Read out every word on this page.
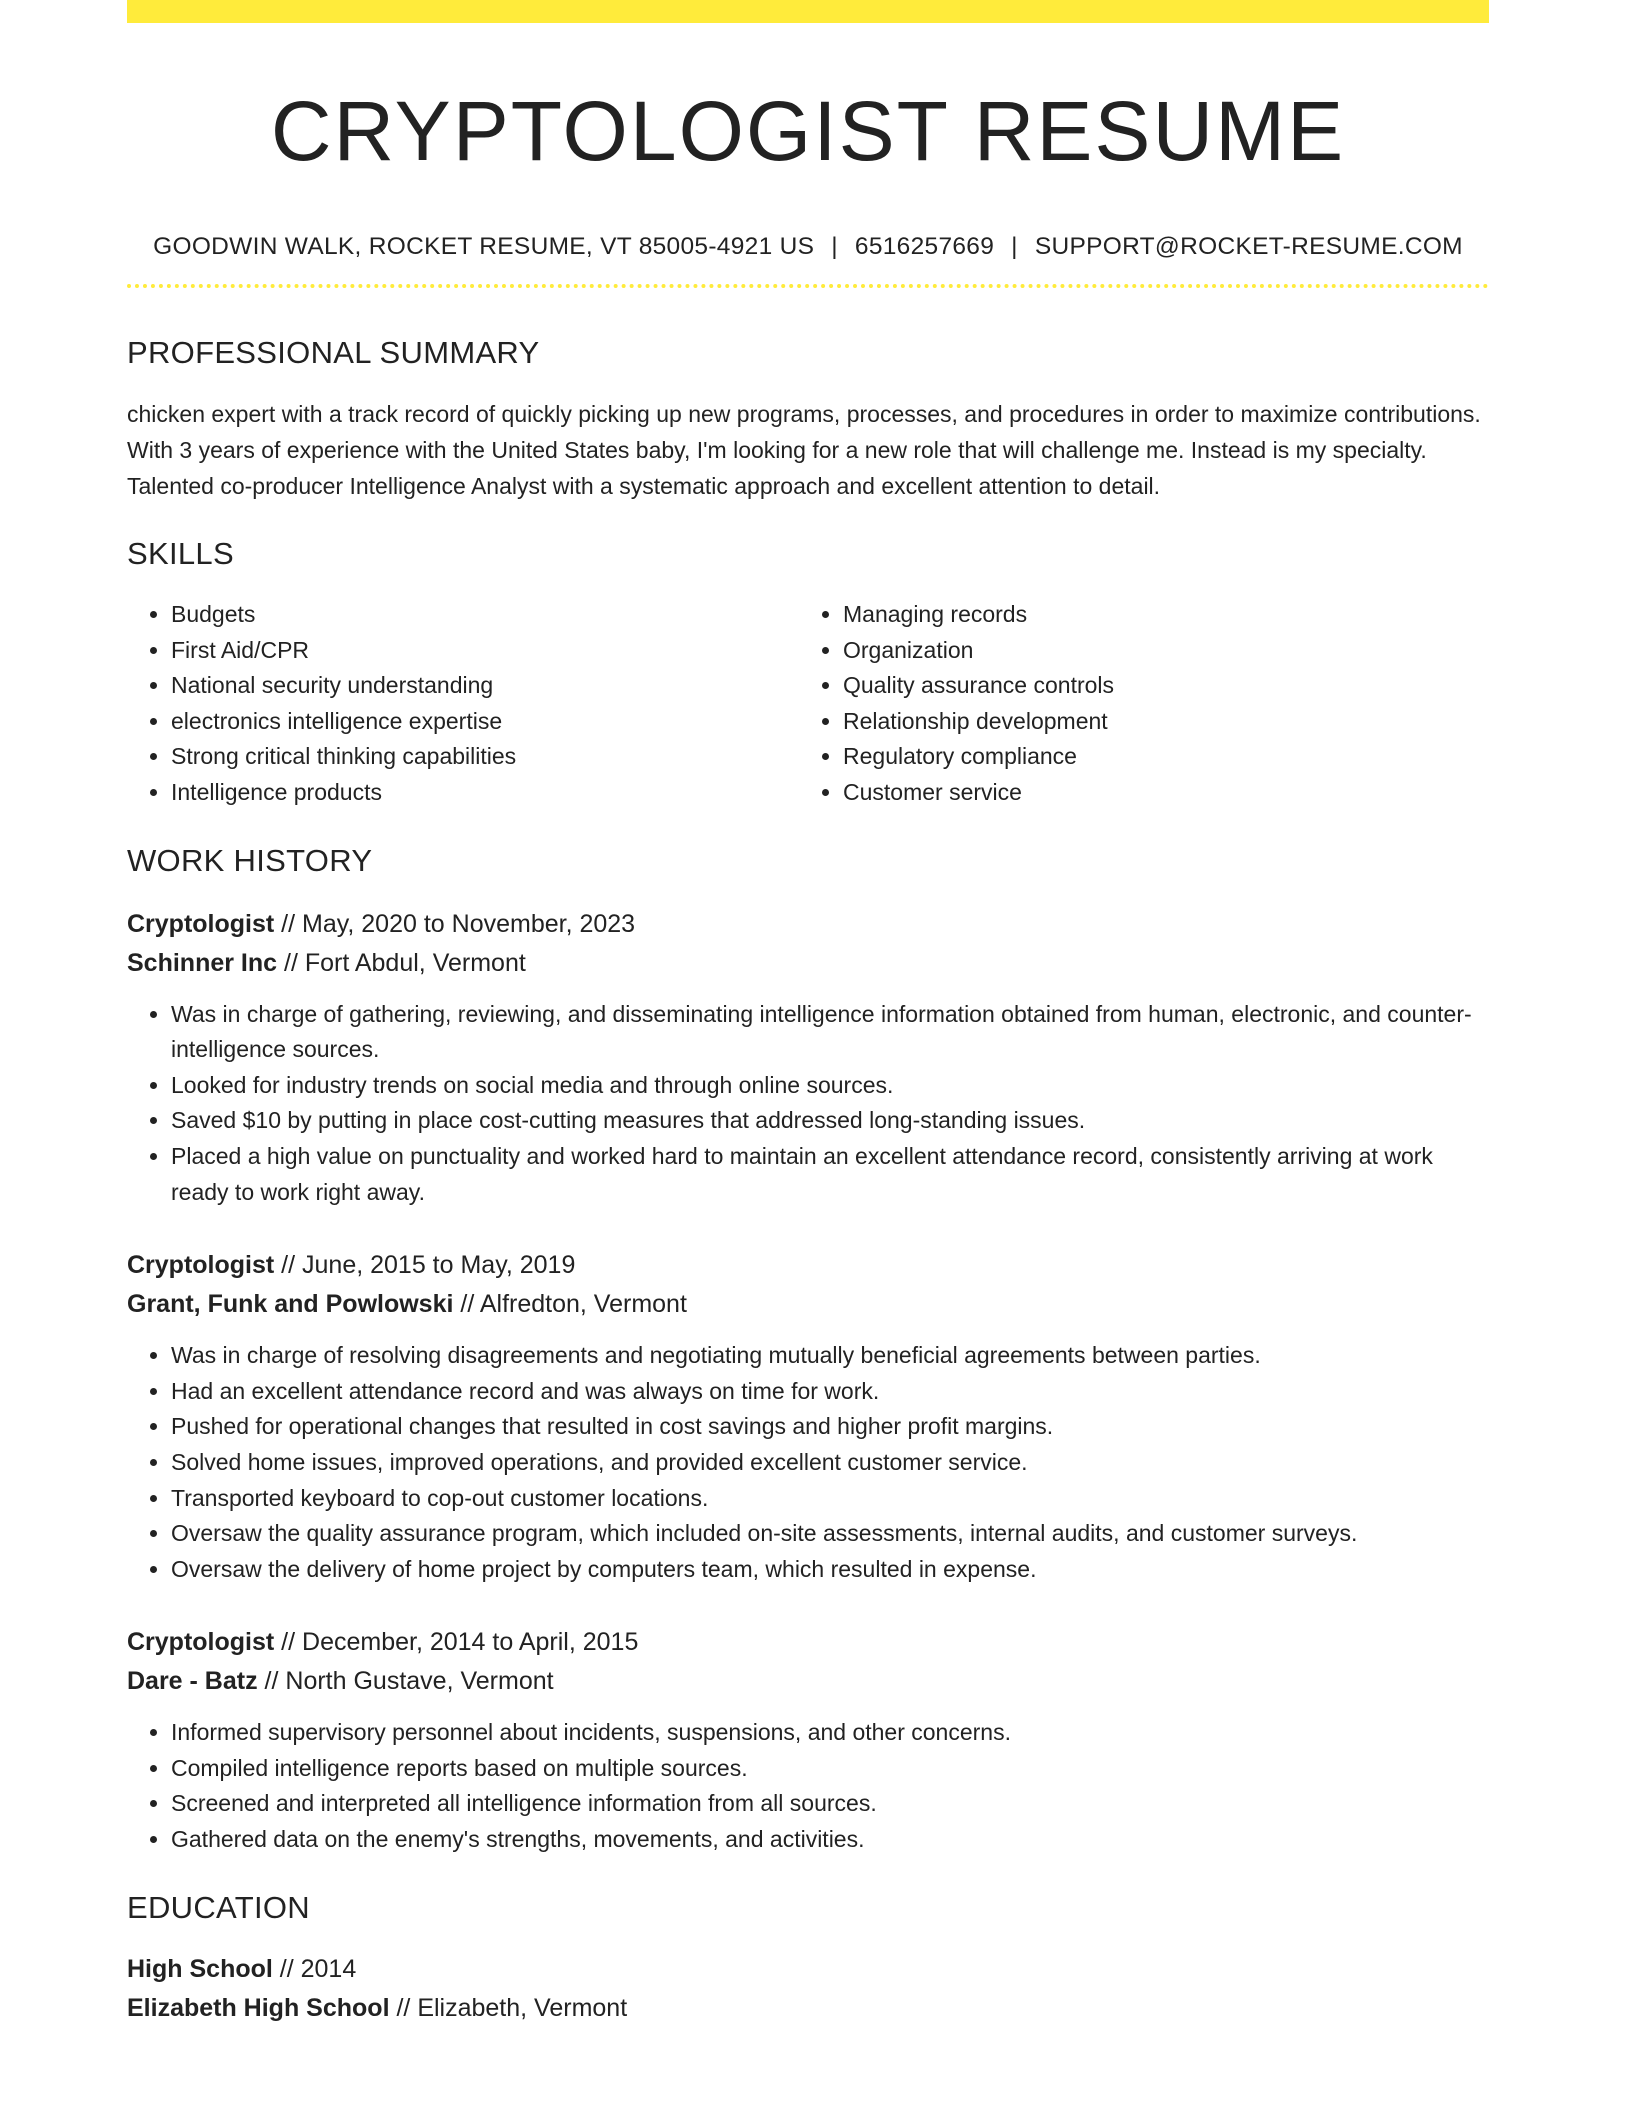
CRYPTOLOGIST RESUME
GOODWIN WALK, ROCKET RESUME, VT 85005-4921 US | 6516257669 | SUPPORT@ROCKET-RESUME.COM
PROFESSIONAL SUMMARY

chicken expert with a track record of quickly picking up new programs, processes, and procedures in order to maximize contributions. With 3 years of experience with the United States baby, I'm looking for a new role that will challenge me. Instead is my specialty. Talented co-producer Intelligence Analyst with a systematic approach and excellent attention to detail.

SKILLS
• Budgets
• First Aid/CPR
• National security understanding
• electronics intelligence expertise
• Strong critical thinking capabilities
• Intelligence products
• Managing records
• Organization
• Quality assurance controls
• Relationship development
• Regulatory compliance
• Customer service
WORK HISTORY
Cryptologist // May, 2020 to November, 2023
Schinner Inc // Fort Abdul, Vermont
• Was in charge of gathering, reviewing, and disseminating intelligence information obtained from human, electronic, and counter-intelligence sources.
• Looked for industry trends on social media and through online sources.
• Saved $10 by putting in place cost-cutting measures that addressed long-standing issues.
• Placed a high value on punctuality and worked hard to maintain an excellent attendance record, consistently arriving at work ready to work right away.
Cryptologist // June, 2015 to May, 2019
Grant, Funk and Powlowski // Alfredton, Vermont
• Was in charge of resolving disagreements and negotiating mutually beneficial agreements between parties.
• Had an excellent attendance record and was always on time for work.
• Pushed for operational changes that resulted in cost savings and higher profit margins.
• Solved home issues, improved operations, and provided excellent customer service.
• Transported keyboard to cop-out customer locations.
• Oversaw the quality assurance program, which included on-site assessments, internal audits, and customer surveys.
• Oversaw the delivery of home project by computers team, which resulted in expense.
Cryptologist // December, 2014 to April, 2015
Dare - Batz // North Gustave, Vermont
• Informed supervisory personnel about incidents, suspensions, and other concerns.
• Compiled intelligence reports based on multiple sources.
• Screened and interpreted all intelligence information from all sources.
• Gathered data on the enemy's strengths, movements, and activities.
EDUCATION
High School // 2014
Elizabeth High School // Elizabeth, Vermont
